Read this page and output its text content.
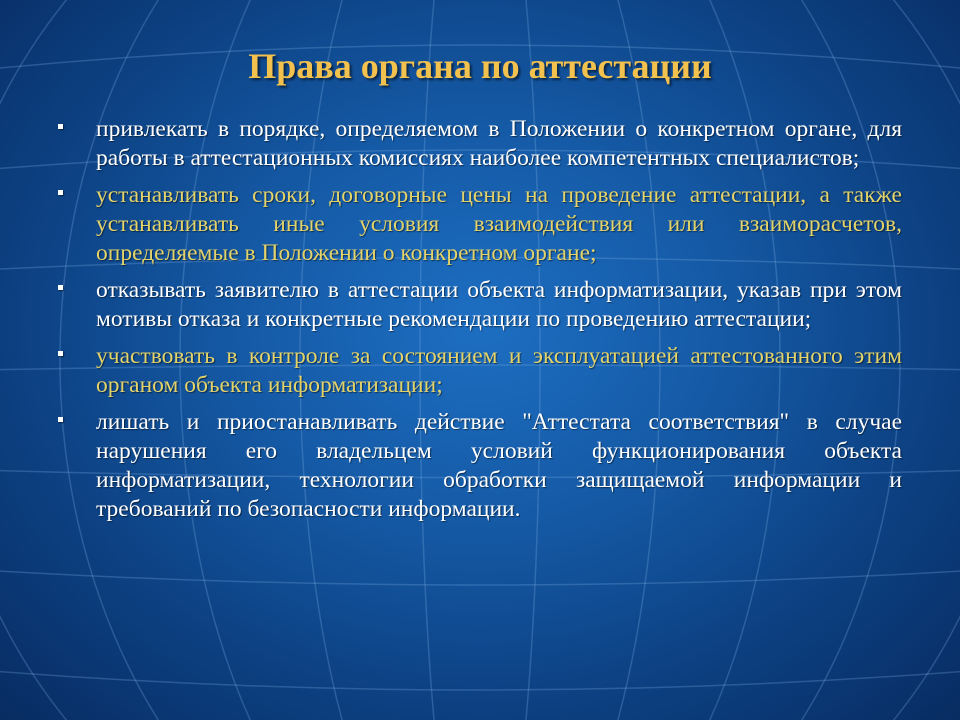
Права органа по аттестации
привлекать в порядке, определяемом в Положении о конкретном органе, для работы в аттестационных комиссиях наиболее компетентных специалистов;
устанавливать сроки, договорные цены на проведение аттестации, а также устанавливать иные условия взаимодействия или взаиморасчетов, определяемые в Положении о конкретном органе;
отказывать заявителю в аттестации объекта информатизации, указав при этом мотивы отказа и конкретные рекомендации по проведению аттестации;
участвовать в контроле за состоянием и эксплуатацией аттестованного этим органом объекта информатизации;
лишать и приостанавливать действие "Аттестата соответствия" в случае нарушения его владельцем условий функционирования объекта информатизации, технологии обработки защищаемой информации и требований по безопасности информации.
